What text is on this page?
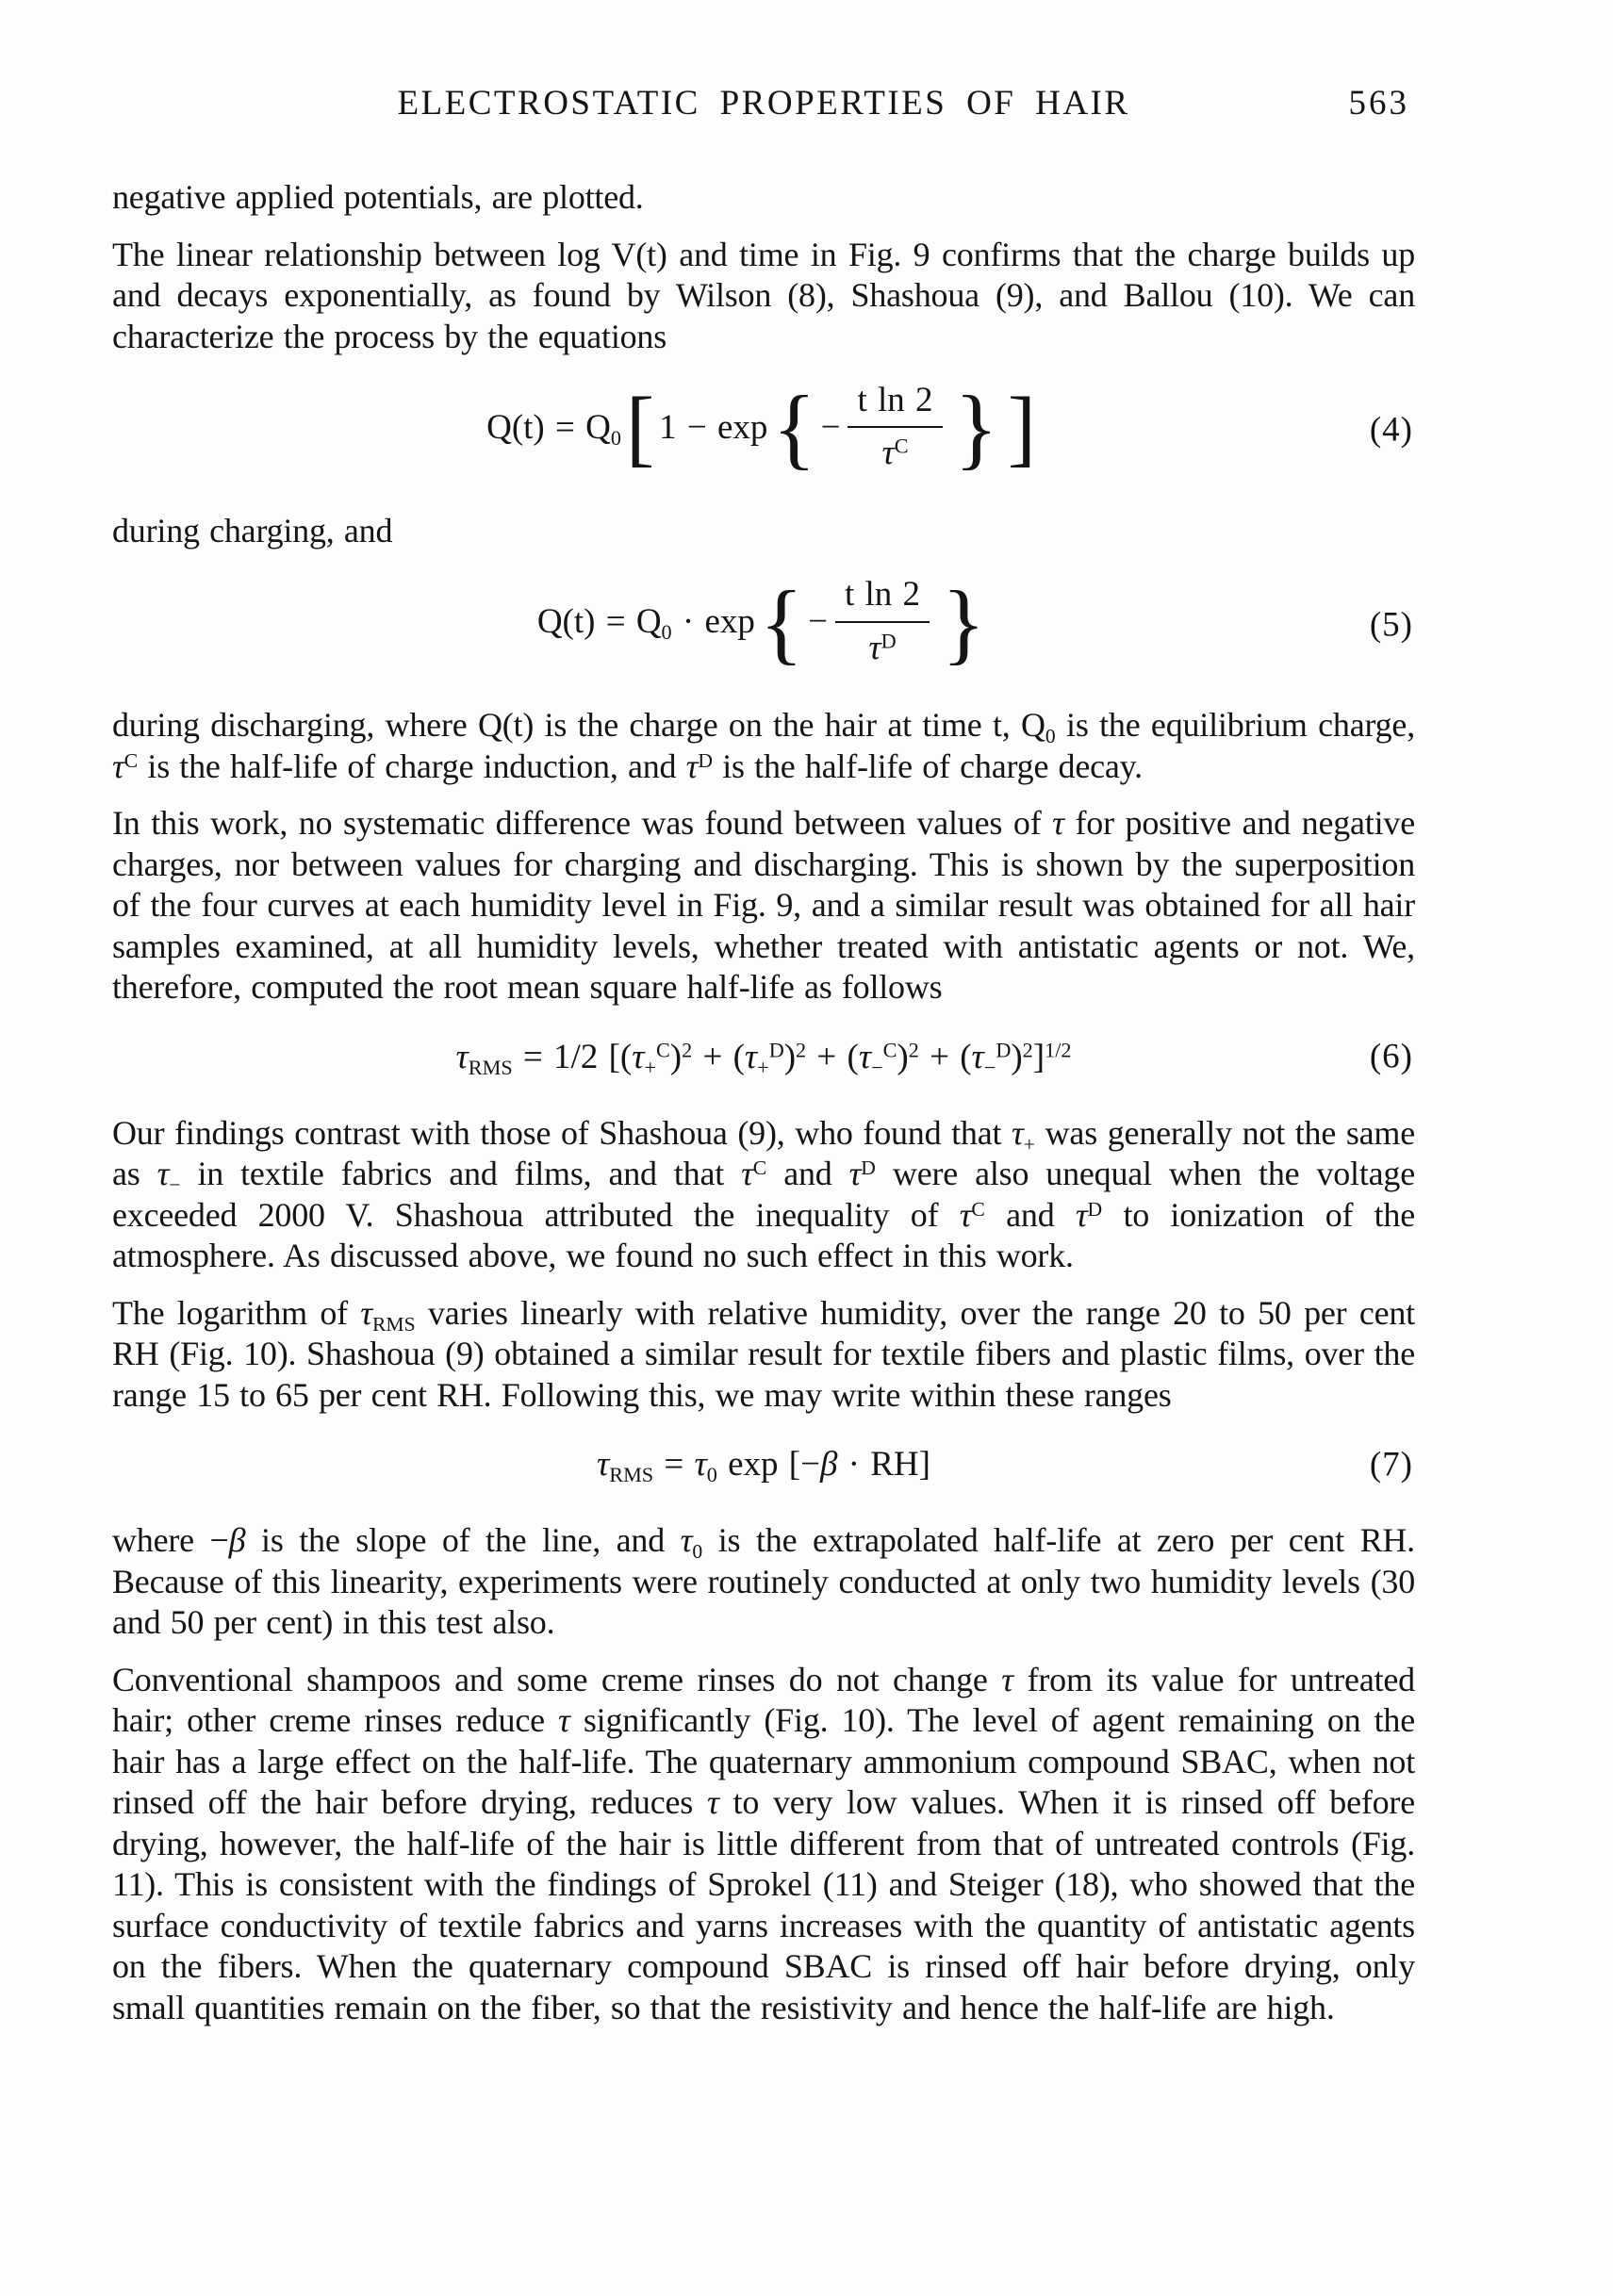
ELECTROSTATIC PROPERTIES OF HAIR	563
negative applied potentials, are plotted.
The linear relationship between log V(t) and time in Fig. 9 confirms that the charge builds up and decays exponentially, as found by Wilson (8), Shashoua (9), and Ballou (10). We can characterize the process by the equations
$Q(t) = Q_0$[ $1 - \exp\{ - \frac{\text{t ln 2}}{\tau^C}$ } ]	(4)
during charging, and
$Q(t) = Q_0 \cdot \exp\{ - \frac{\text{t ln 2}}{\tau^D}$ }	(5)
during discharging, where Q(t) is the charge on the hair at time t, $Q_0$ is the equilibrium charge, $\tau^C$ is the half-life of charge induction, and $\tau^D$ is the half-life of charge decay.
In this work, no systematic difference was found between values of τ for positive and negative charges, nor between values for charging and discharging. This is shown by the superposition of the four curves at each humidity level in Fig. 9, and a similar result was obtained for all hair samples examined, at all humidity levels, whether treated with antistatic agents or not. We, therefore, computed the root mean square half-life as follows
$\tau_{RMS} = 1/2$ $[(\tau_+^C)^2 + (\tau_+^D)^2 + (\tau_-^C)^2 + (\tau_-^D)^2]^{1/2}$	(6)
Our findings contrast with those of Shashoua (9), who found that $\tau_+$ was generally not the same as $\tau_-$ in textile fabrics and films, and that $\tau^C$ and $\tau^D$ were also unequal when the voltage exceeded 2000 V. Shashoua attributed the inequality of $\tau^C$ and $\tau^D$ to ionization of the atmosphere. As discussed above, we found no such effect in this work.
The logarithm of $\tau_{RMS}$ varies linearly with relative humidity, over the range 20 to 50 per cent RH (Fig. 10). Shashoua (9) obtained a similar result for textile fibers and plastic films, over the range 15 to 65 per cent RH. Following this, we may write within these ranges
$\tau_{RMS} = \tau_0$ exp [−β · RH]	(7)
where −β is the slope of the line, and $\tau_0$ is the extrapolated half-life at zero per cent RH. Because of this linearity, experiments were routinely conducted at only two humidity levels (30 and 50 per cent) in this test also.
Conventional shampoos and some creme rinses do not change τ from its value for untreated hair; other creme rinses reduce τ significantly (Fig. 10). The level of agent remaining on the hair has a large effect on the half-life. The quaternary ammonium compound SBAC, when not rinsed off the hair before drying, reduces τ to very low values. When it is rinsed off before drying, however, the half-life of the hair is little different from that of untreated controls (Fig. 11). This is consistent with the findings of Sprokel (11) and Steiger (18), who showed that the surface conductivity of textile fabrics and yarns increases with the quantity of antistatic agents on the fibers. When the quaternary compound SBAC is rinsed off hair before drying, only small quantities remain on the fiber, so that the resistivity and hence the half-life are high.
